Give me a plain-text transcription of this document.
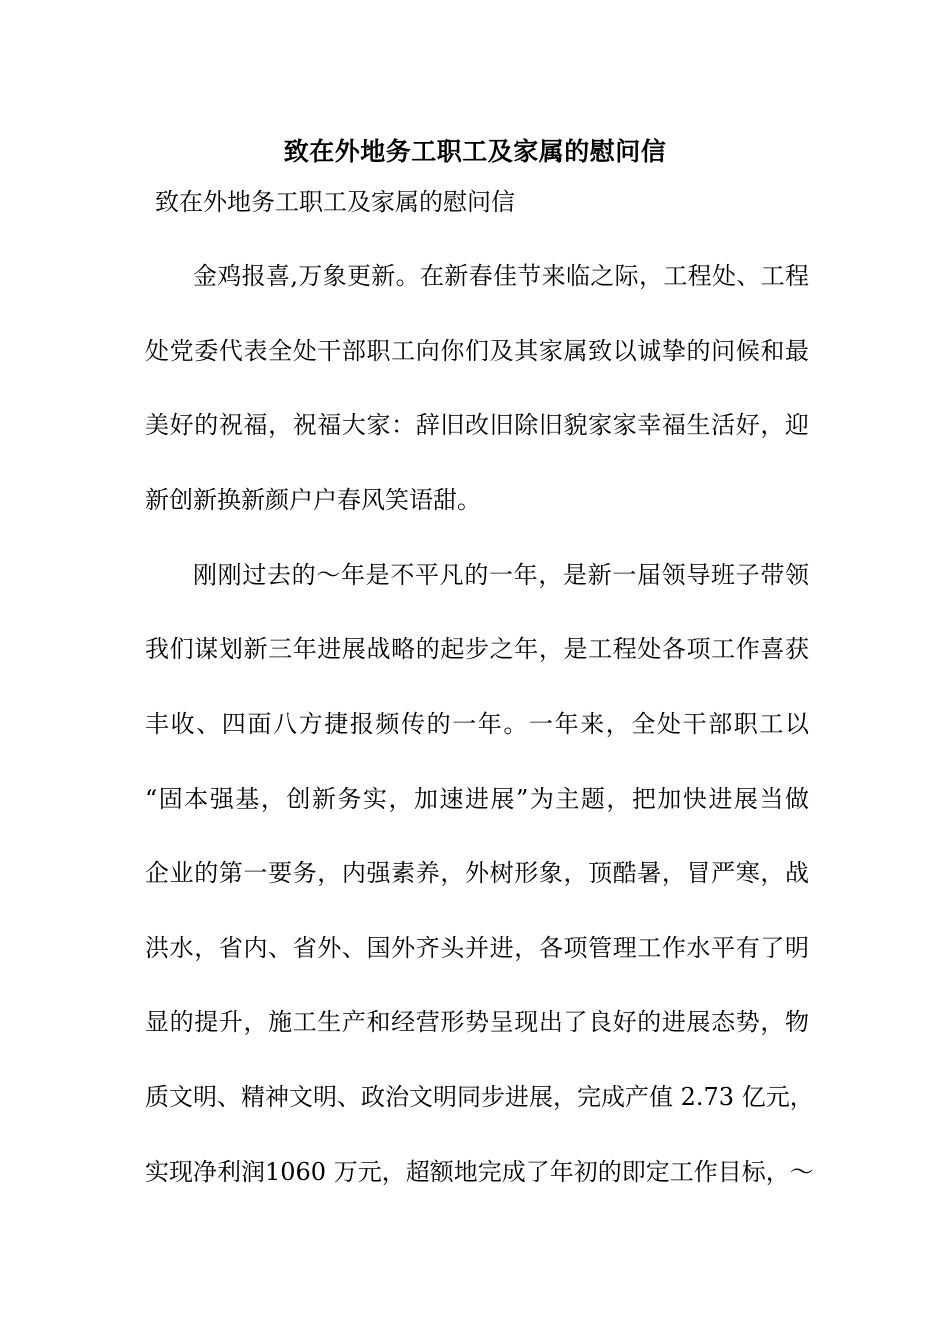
致在外地务工职工及家属的慰问信
致在外地务工职工及家属的慰问信
金鸡报喜,万象更新。在新春佳节来临之际，工程处、工程
处党委代表全处干部职工向你们及其家属致以诚挚的问候和最
美好的祝福，祝福大家：辞旧改旧除旧貌家家幸福生活好，迎
新创新换新颜户户春风笑语甜。
刚刚过去的～年是不平凡的一年，是新一届领导班子带领
我们谋划新三年进展战略的起步之年，是工程处各项工作喜获
丰收、四面八方捷报频传的一年。一年来，全处干部职工以
“固本强基，创新务实，加速进展”为主题，把加快进展当做
企业的第一要务，内强素养，外树形象，顶酷暑，冒严寒，战
洪水，省内、省外、国外齐头并进，各项管理工作水平有了明
显的提升，施工生产和经营形势呈现出了良好的进展态势，物
质文明、精神文明、政治文明同步进展，完成产值 2.73 亿元，
实现净利润1060 万元，超额地完成了年初的即定工作目标，～
